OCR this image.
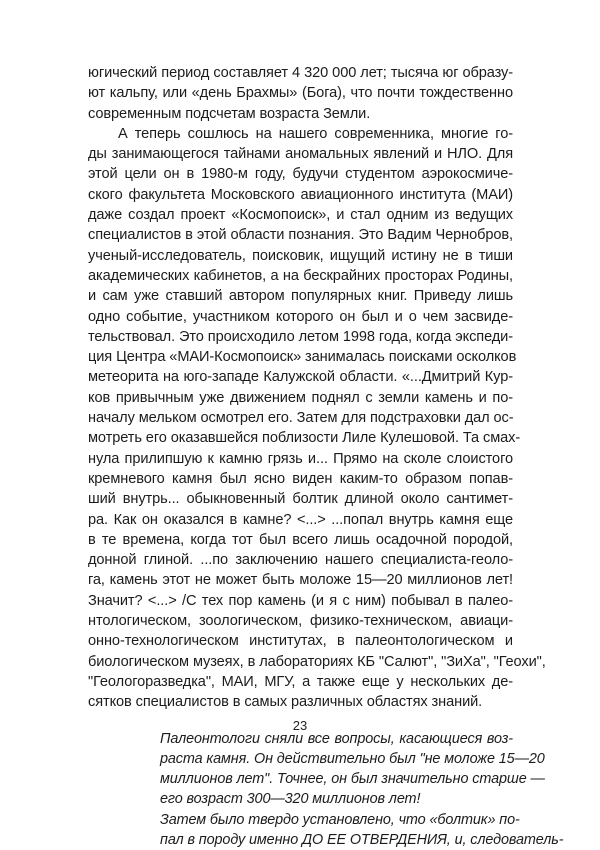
югический период составляет 4 320 000 лет; тысяча юг образу-
ют кальпу, или «день Брахмы» (Бога), что почти тождественно
современным подсчетам возраста Земли.
А теперь сошлюсь на нашего современника, многие го-
ды занимающегося тайнами аномальных явлений и НЛО. Для
этой цели он в 1980-м году, будучи студентом аэрокосмиче-
ского факультета Московского авиационного института (МАИ)
даже создал проект «Космопоиск», и стал одним из ведущих
специалистов в этой области познания. Это Вадим Чернобров,
ученый-исследователь, поисковик, ищущий истину не в тиши
академических кабинетов, а на бескрайних просторах Родины,
и сам уже ставший автором популярных книг. Приведу лишь
одно событие, участником которого он был и о чем засвиде-
тельствовал. Это происходило летом 1998 года, когда экспеди-
ция Центра «МАИ-Космопоиск» занималась поисками осколков
метеорита на юго-западе Калужской области. «...Дмитрий Кур-
ков привычным уже движением поднял с земли камень и по-
началу мельком осмотрел его. Затем для подстраховки дал ос-
мотреть его оказавшейся поблизости Лиле Кулешовой. Та смах-
нула прилипшую к камню грязь и... Прямо на сколе слоистого
кремневого камня был ясно виден каким-то образом попав-
ший внутрь... обыкновенный болтик длиной около сантимет-
ра. Как он оказался в камне? <...> ...попал внутрь камня еще
в те времена, когда тот был всего лишь осадочной породой,
донной глиной. ...по заключению нашего специалиста-геоло-
га, камень этот не может быть моложе 15—20 миллионов лет!
Значит? <...> /С тех пор камень (и я с ним) побывал в палео-
нтологическом, зоологическом, физико-техническом, авиаци-
онно-технологическом институтах, в палеонтологическом и
биологическом музеях, в лабораториях КБ "Салют", "ЗиХа", "Геохи",
"Геологоразведка", МАИ, МГУ, а также еще у нескольких де-
сятков специалистов в самых различных областях знаний.
Палеонтологи сняли все вопросы, касающиеся воз-
раста камня. Он действительно был "не моложе 15—20
миллионов лет". Точнее, он был значительно старше —
его возраст 300—320 миллионов лет!
Затем было твердо установлено, что «болтик» по-
пал в породу именно ДО ЕЕ ОТВЕРДЕНИЯ, и, следователь-
23
